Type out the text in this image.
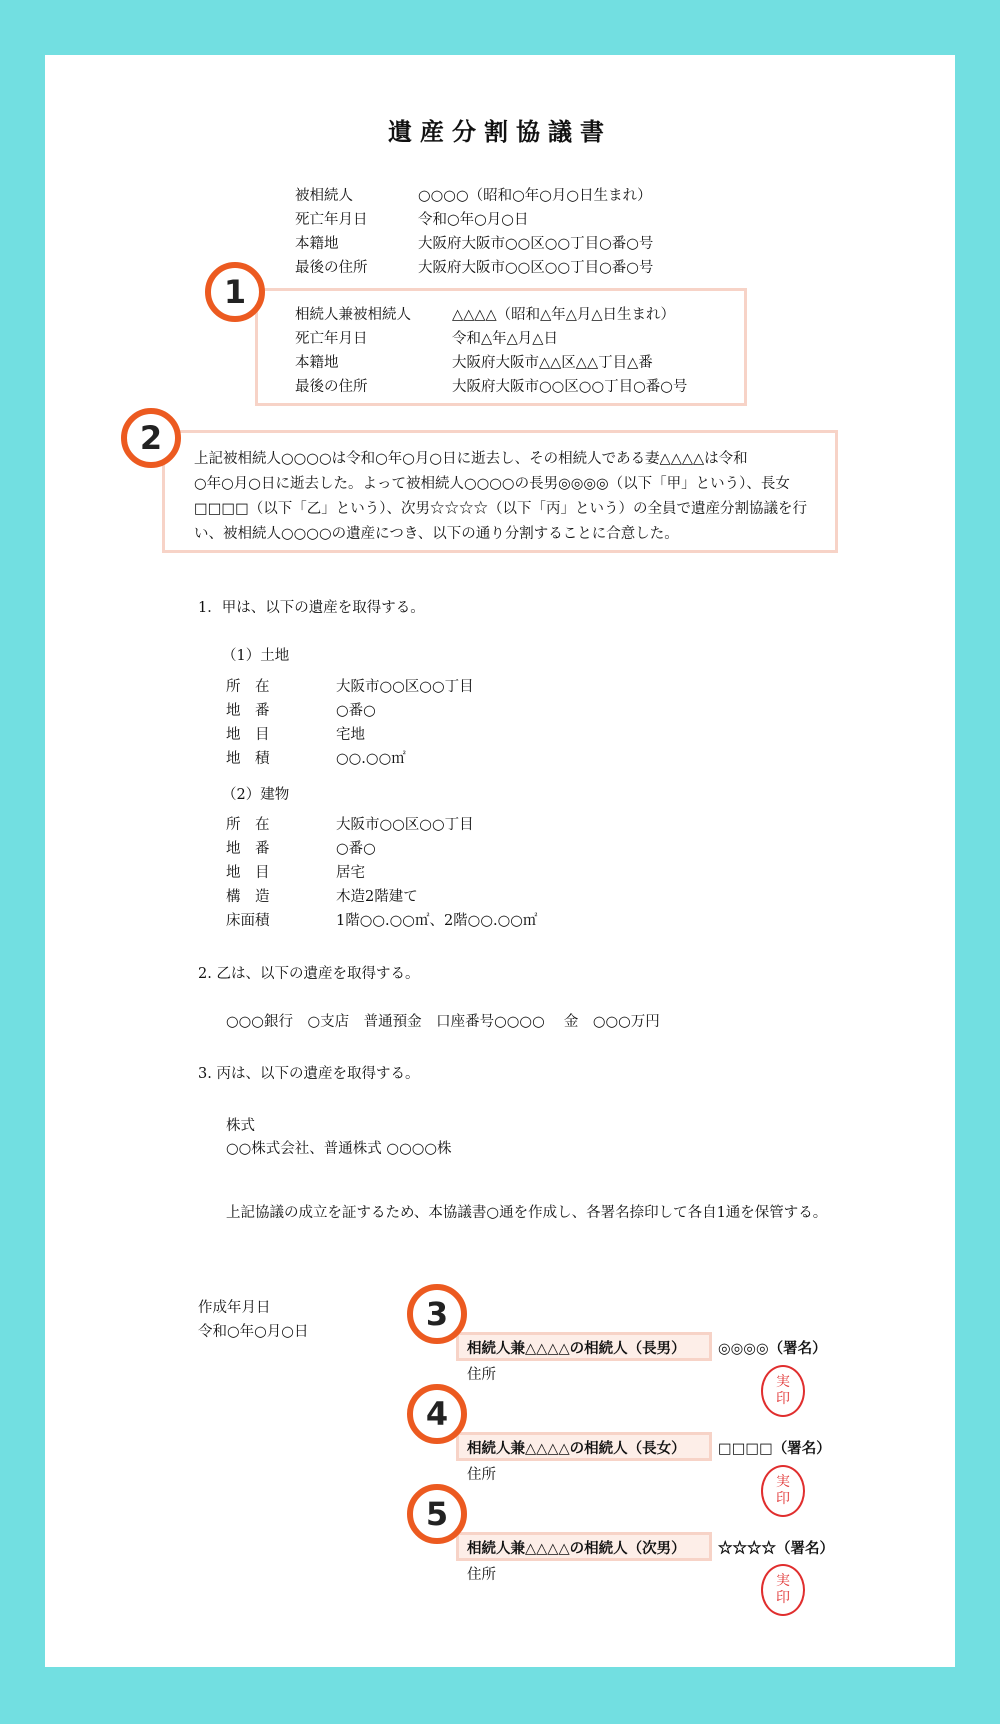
遺産分割協議書
被相続人	○○○○（昭和○年○月○日生まれ）
死亡年月日	令和○年○月○日
本籍地	大阪府大阪市○○区○○丁目○番○号
最後の住所	大阪府大阪市○○区○○丁目○番○号
相続人兼被相続人	△△△△（昭和△年△月△日生まれ）
死亡年月日	令和△年△月△日
本籍地	大阪府大阪市△△区△△丁目△番
最後の住所	大阪府大阪市○○区○○丁目○番○号
上記被相続人○○○○は令和○年○月○日に逝去し、その相続人である妻△△△△は令和
○年○月○日に逝去した。よって被相続人○○○○の長男◎◎◎◎（以下「甲」という）、長女
□□□□（以下「乙」という）、次男☆☆☆☆（以下「丙」という）の全員で遺産分割協議を行
い、被相続人○○○○の遺産につき、以下の通り分割することに合意した。
1．甲は、以下の遺産を取得する。
（1）土地
所　在	大阪市○○区○○丁目
地　番	○番○
地　目	宅地
地　積	○○.○○㎡
（2）建物
所　在	大阪市○○区○○丁目
地　番	○番○
地　目	居宅
構　造	木造2階建て
床面積	1階○○.○○㎡、2階○○.○○㎡
2. 乙は、以下の遺産を取得する。
○○○銀行　○支店　普通預金　口座番号○○○○　 金　○○○万円
3. 丙は、以下の遺産を取得する。
株式
○○株式会社、普通株式 ○○○○株
上記協議の成立を証するため、本協議書○通を作成し、各署名捺印して各自1通を保管する。
作成年月日
令和○年○月○日
相続人兼△△△△の相続人（長男） ◎◎◎◎（署名）
住所	実
印
相続人兼△△△△の相続人（長女） □□□□（署名）
住所	実
印
相続人兼△△△△の相続人（次男） ☆☆☆☆（署名）
住所	実
印
1
2
3
4
5
